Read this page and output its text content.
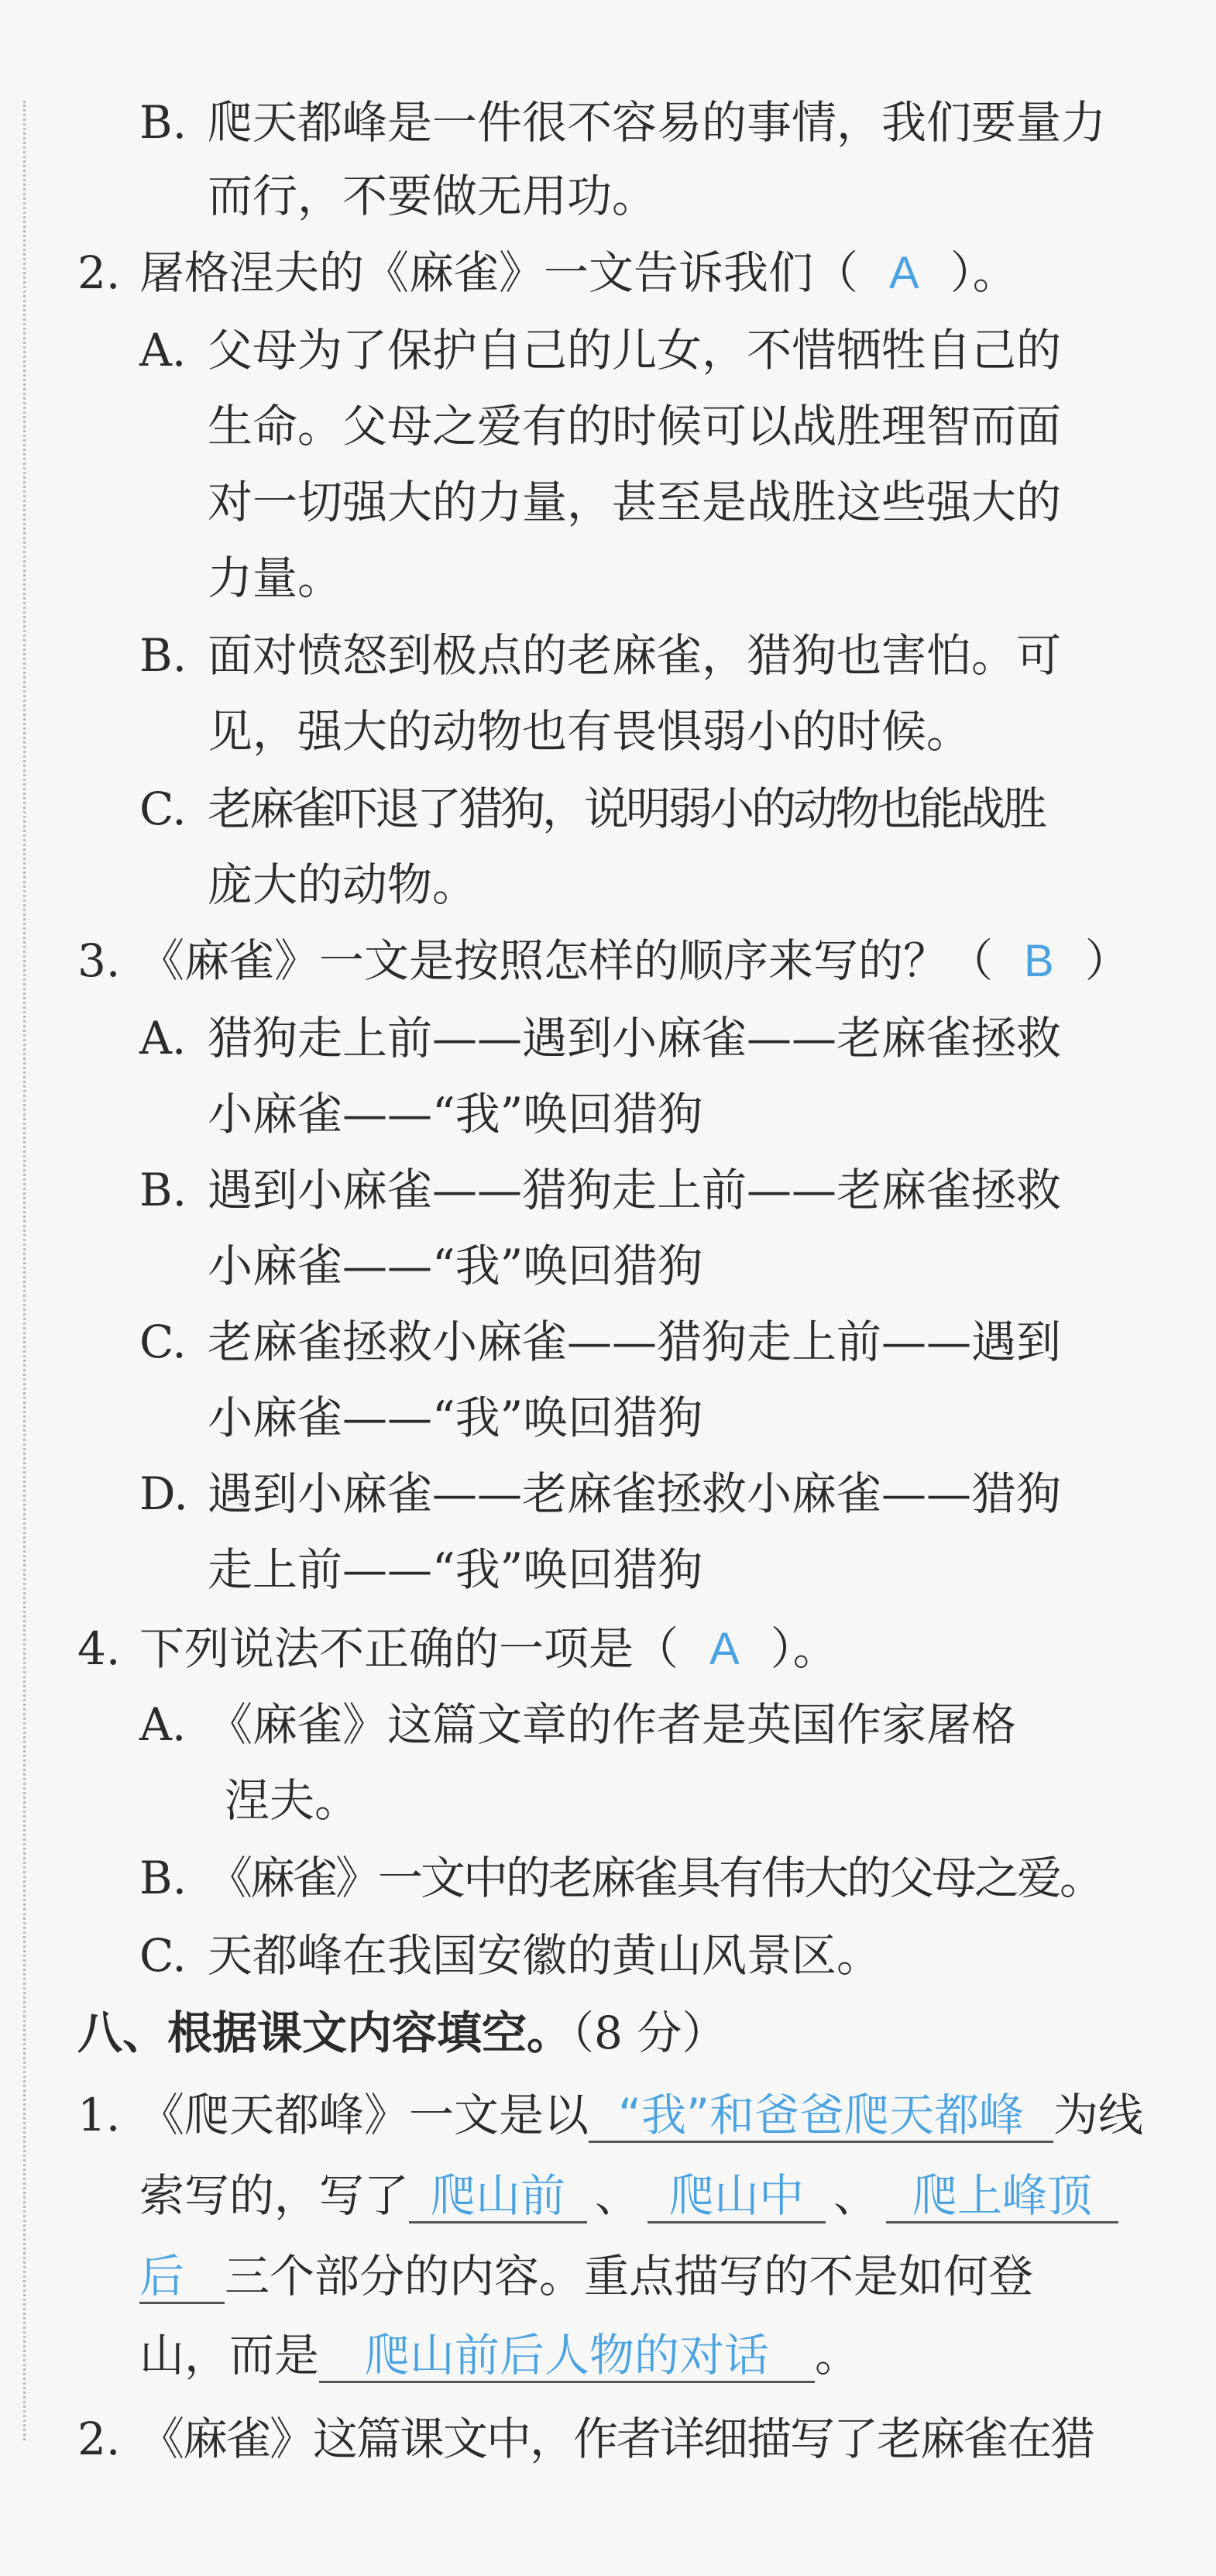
B. 爬天都峰是一件很不容易的事情，我们要量力
而行，不要做无用功。
2. 屠格涅夫的《麻雀》一文告诉我们（ A ）。
A. 父母为了保护自己的儿女，不惜牺牲自己的
生命。父母之爱有的时候可以战胜理智而面
对一切强大的力量，甚至是战胜这些强大的
力量。
B. 面对愤怒到极点的老麻雀，猎狗也害怕。可
见，强大的动物也有畏惧弱小的时候。
C. 老麻雀吓退了猎狗，说明弱小的动物也能战胜
庞大的动物。
3. 《麻雀》一文是按照怎样的顺序来写的？（ B ）
A. 猎狗走上前——遇到小麻雀——老麻雀拯救
小麻雀——“我”唤回猎狗
B. 遇到小麻雀——猎狗走上前——老麻雀拯救
小麻雀——“我”唤回猎狗
C. 老麻雀拯救小麻雀——猎狗走上前——遇到
小麻雀——“我”唤回猎狗
D. 遇到小麻雀——老麻雀拯救小麻雀——猎狗
走上前——“我”唤回猎狗
4. 下列说法不正确的一项是（ A ）。
A. 《麻雀》这篇文章的作者是英国作家屠格
涅夫。
B. 《麻雀》一文中的老麻雀具有伟大的父母之爱。
C. 天都峰在我国安徽的黄山风景区。
八、根据课文内容填空。（8 分）
1. 《爬天都峰》一文是以 “我”和爸爸爬天都峰 为线
索写的，写了 爬山前 、 爬山中 、 爬上峰顶
后 三个部分的内容。重点描写的不是如何登
山，而是 爬山前后人物的对话 。
2. 《麻雀》这篇课文中，作者详细描写了老麻雀在猎
